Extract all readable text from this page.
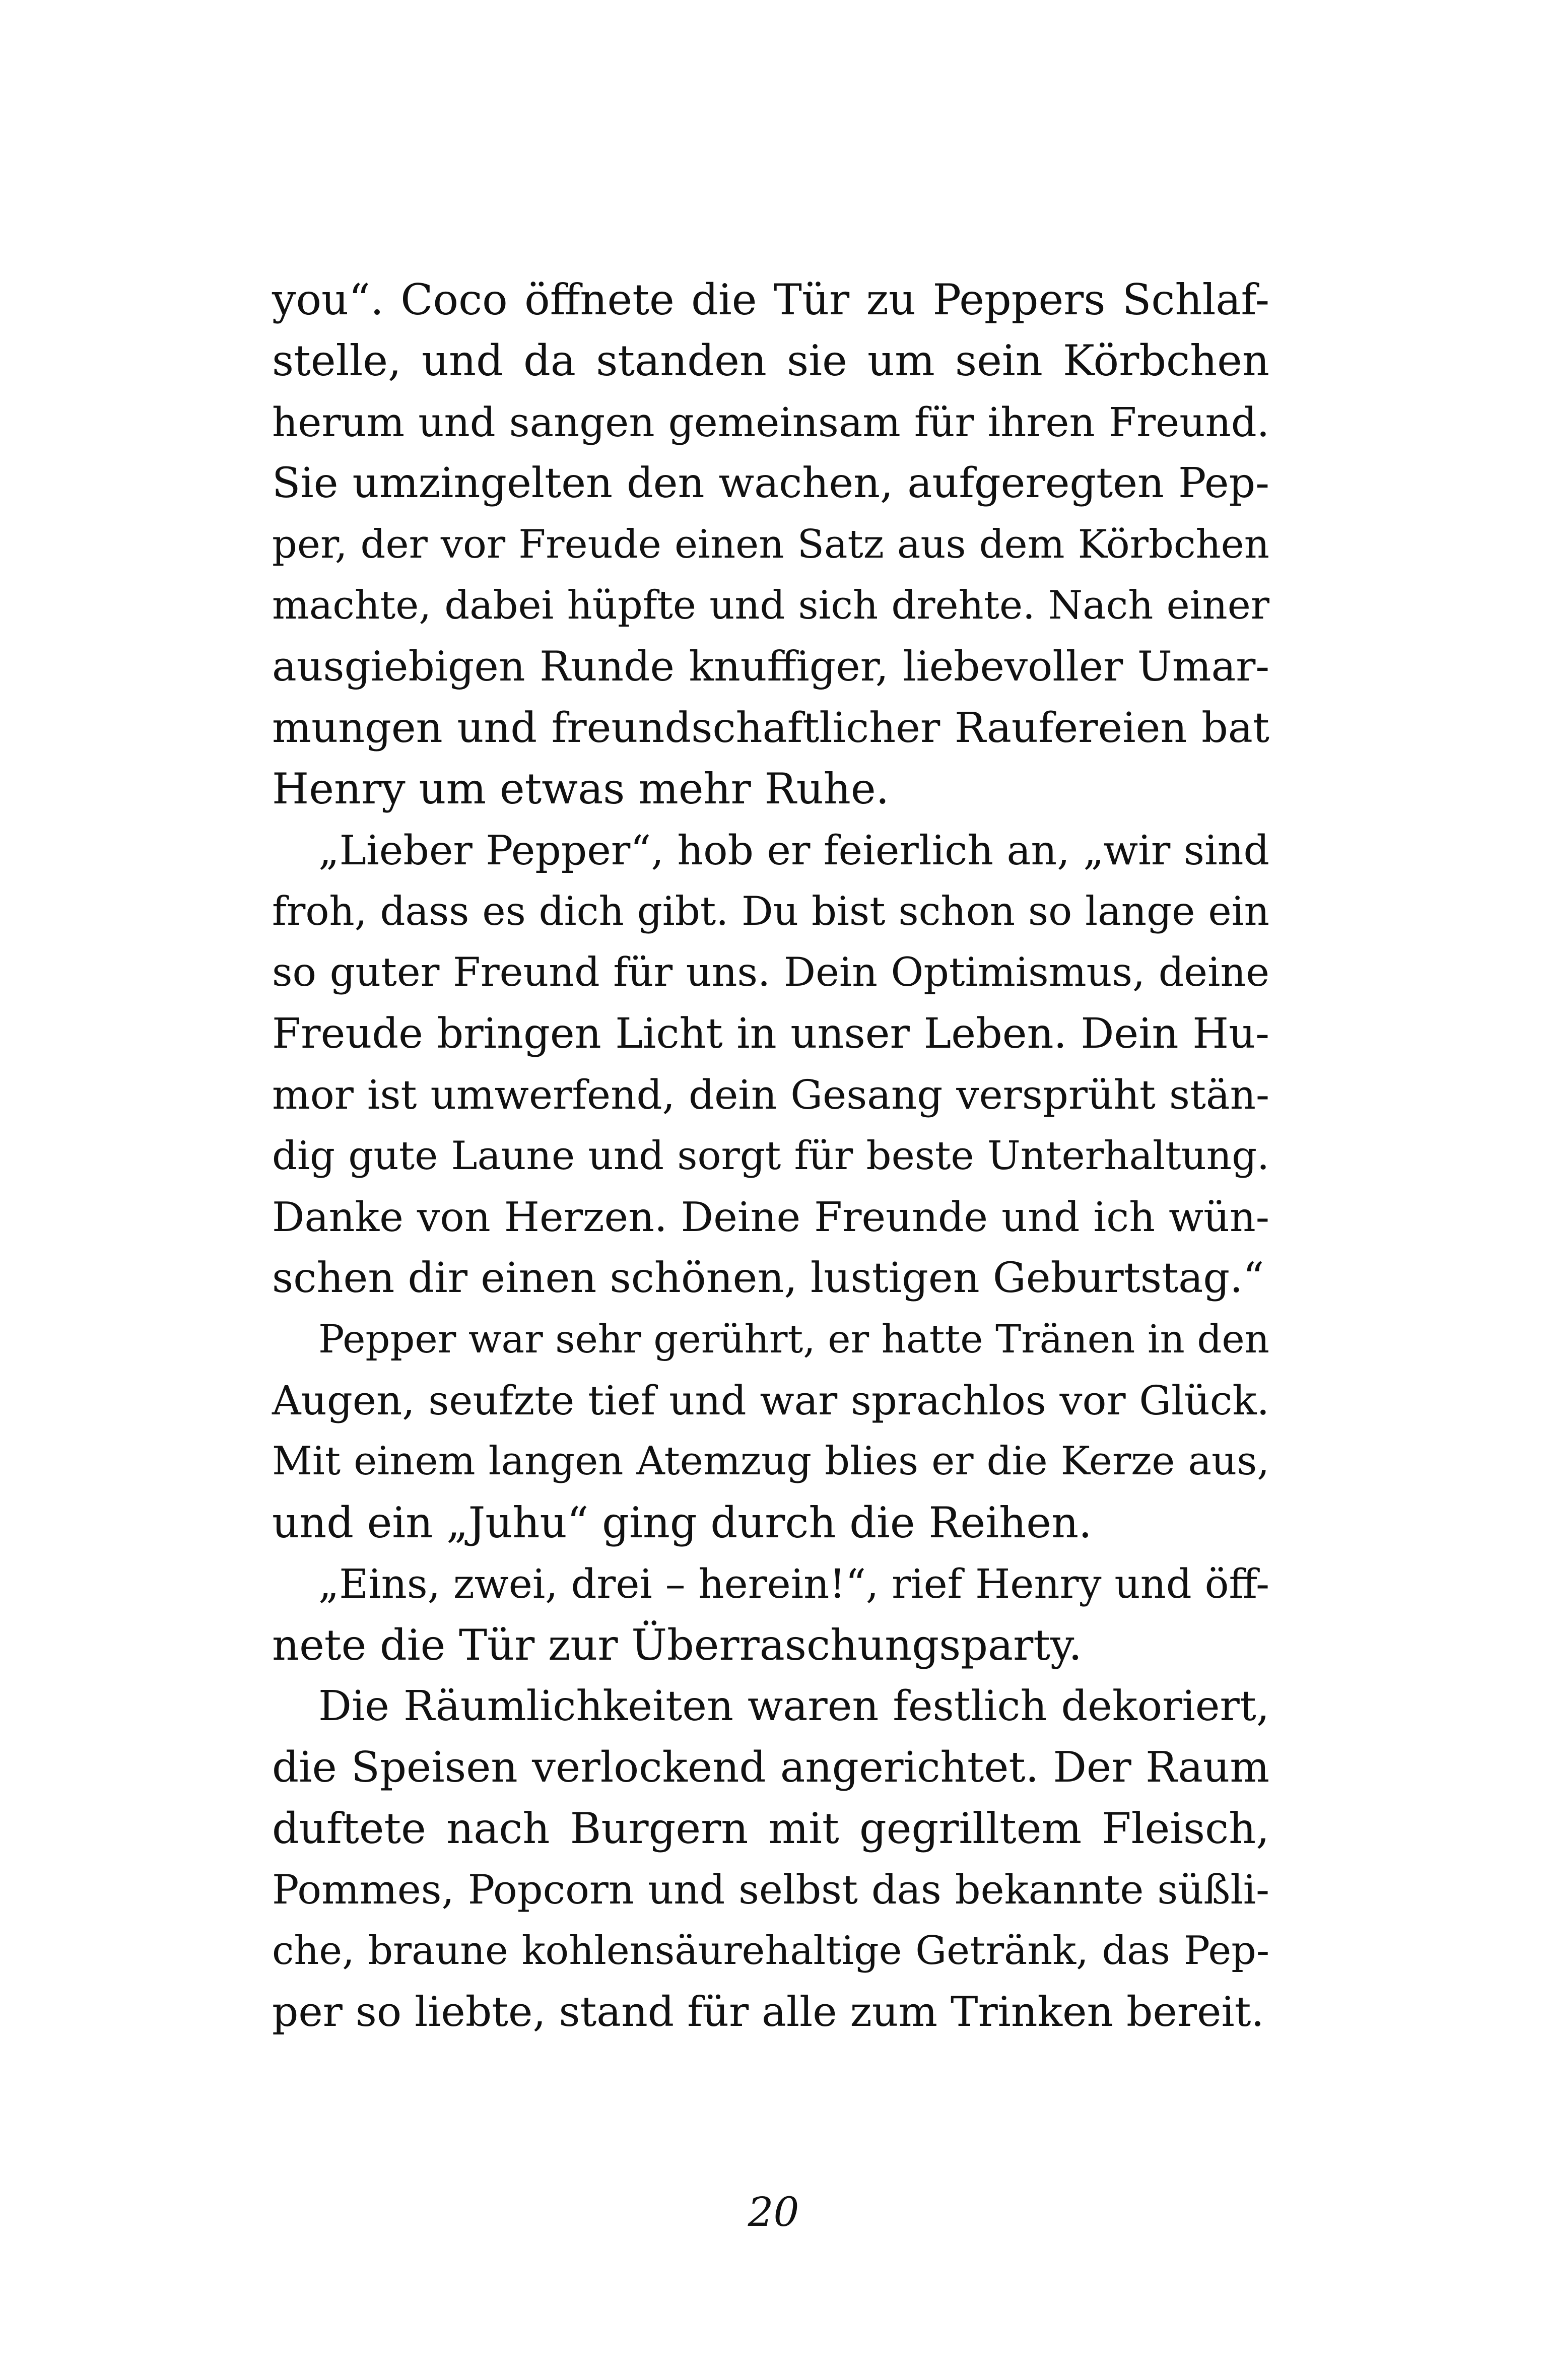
you“. Coco öffnete die Tür zu Peppers Schlaf-
stelle, und da standen sie um sein Körbchen
herum und sangen gemeinsam für ihren Freund.
Sie umzingelten den wachen, aufgeregten Pep-
per, der vor Freude einen Satz aus dem Körbchen
machte, dabei hüpfte und sich drehte. Nach einer
ausgiebigen Runde knuffiger, liebevoller Umar-
mungen und freundschaftlicher Raufereien bat
Henry um etwas mehr Ruhe.
„Lieber Pepper“, hob er feierlich an, „wir sind
froh, dass es dich gibt. Du bist schon so lange ein
so guter Freund für uns. Dein Optimismus, deine
Freude bringen Licht in unser Leben. Dein Hu-
mor ist umwerfend, dein Gesang versprüht stän-
dig gute Laune und sorgt für beste Unterhaltung.
Danke von Herzen. Deine Freunde und ich wün-
schen dir einen schönen, lustigen Geburtstag.“
Pepper war sehr gerührt, er hatte Tränen in den
Augen, seufzte tief und war sprachlos vor Glück.
Mit einem langen Atemzug blies er die Kerze aus,
und ein „Juhu“ ging durch die Reihen.
„Eins, zwei, drei – herein!“, rief Henry und öff-
nete die Tür zur Überraschungsparty.
Die Räumlichkeiten waren festlich dekoriert,
die Speisen verlockend angerichtet. Der Raum
duftete nach Burgern mit gegrilltem Fleisch,
Pommes, Popcorn und selbst das bekannte süßli-
che, braune kohlensäurehaltige Getränk, das Pep-
per so liebte, stand für alle zum Trinken bereit.
20
